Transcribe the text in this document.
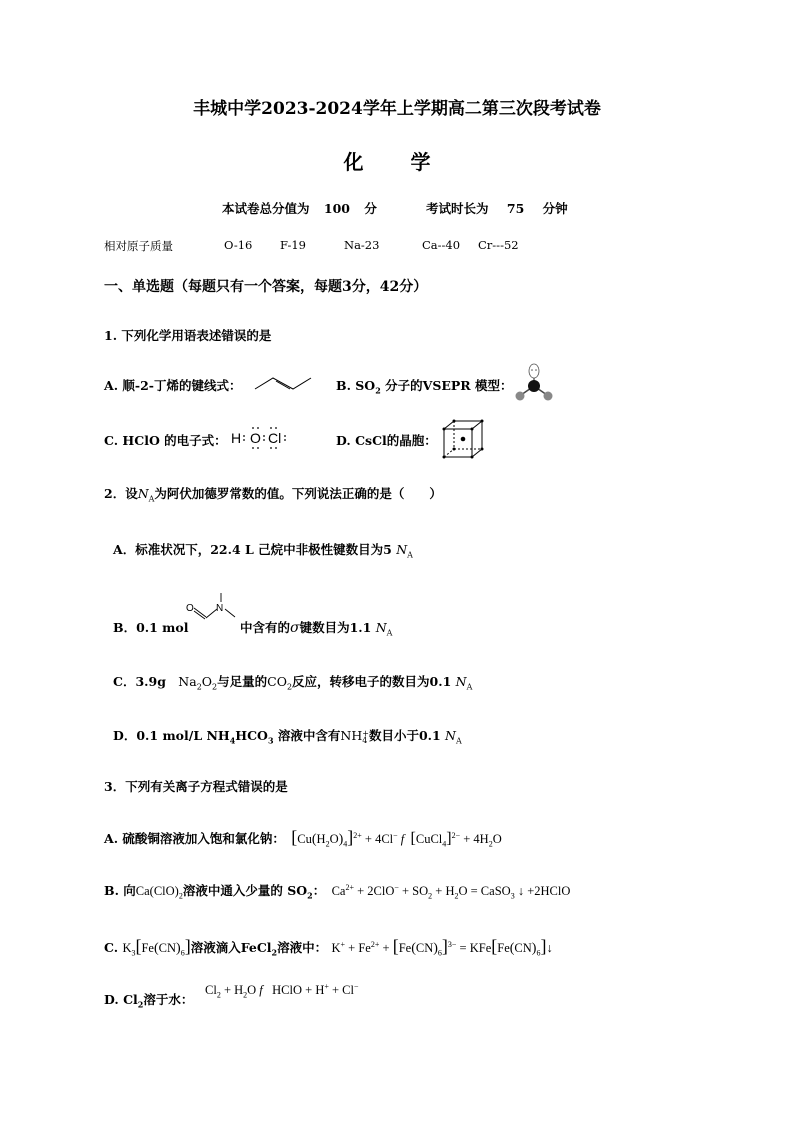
丰城中学2023-2024学年上学期高二第三次段考试卷
化 学
本试卷总分值为 100 分	考试时长为 75 分钟
相对原子质量	O-16 F-19	Na-23	Ca--40 Cr---52
一、单选题（每题只有一个答案，每题3分，42分）
1. 下列化学用语表述错误的是
A. 顺-2-丁烯的键线式：	B. $SO_2$ 分子的VSEPR 模型：
C. HClO 的电子式： H O Cl	D. CsCl的晶胞：
2．设$N_A$为阿伏加德罗常数的值。下列说法正确的是（　　）
A．标准状况下，22.4 L 己烷中非极性键数目为5 $N_A$
B．0.1 mol
O N
中含有的σ键数目为1.1 $N_A$
C．3.9g $Na_2O_2$与足量的$CO_2$反应，转移电子的数目为0.1 $N_A$
D．0.1 mol/L $NH_4HCO_3$ 溶液中含有NH +
4 数目小于0.1 $N_A$
3．下列有关离子方程式错误的是
A. 硫酸铜溶液加入饱和氯化钠： $[Cu(H_2O)_4]^{2+} + 4Cl^-$ f [CuCl$_4$]$^{2-}$ + $4H_2O$
B. 向$Ca(ClO)_2$溶液中通入少量的 $SO_2$： $Ca^{2+} + 2ClO^- + SO_2 + H_2O$ = CaSO$_3$ ↓ +2HClO
C. $K_3[Fe(CN)_6]$溶液滴入FeCl$_2$溶液中： $K^+ + Fe^{2+} + [Fe(CN)_6]^{3-}$ = $KFe[Fe(CN)_6]↓$
D. $Cl_2$溶于水：
$Cl_2 + H_2O$ f   HClO + H+ + Cl−
